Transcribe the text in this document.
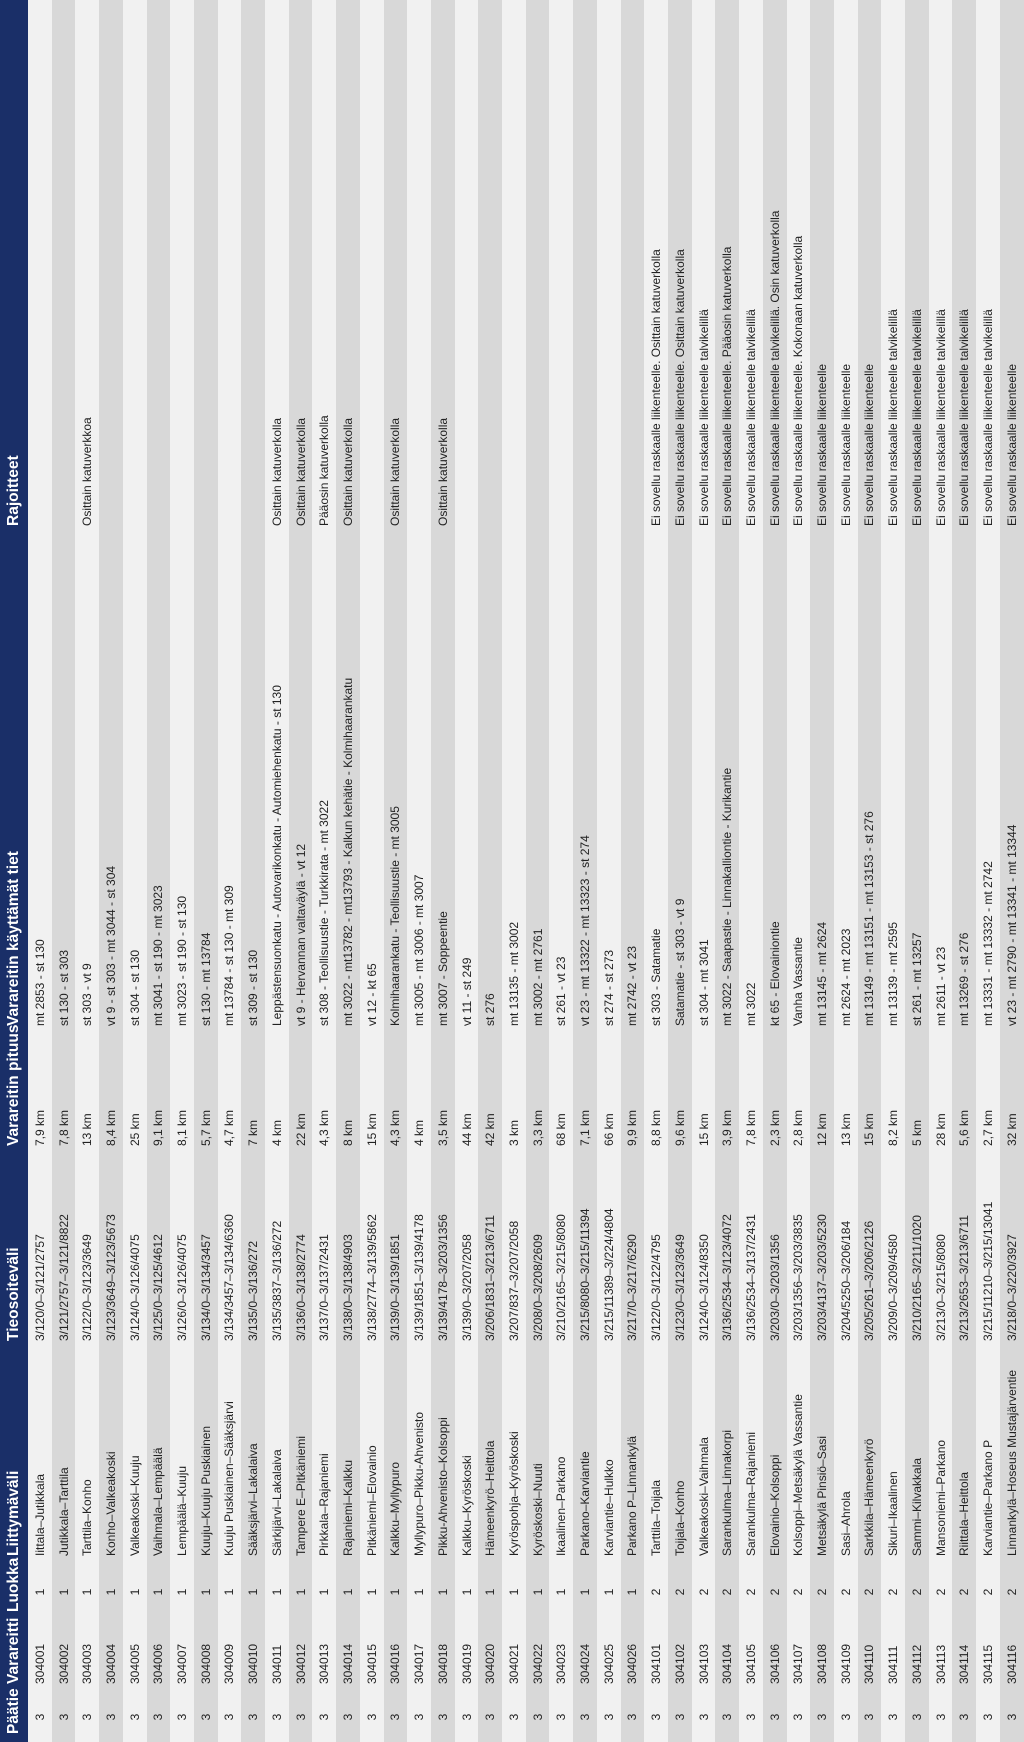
Päätie	Varareitti	Luokka	Liittymäväli	Tieosoiteväli	Varareitin pituus	Varareitin käyttämät tiet	Rajoitteet
3	304001	1	Iittala–Jutikkala	3/120/0–3/121/2757	7,9 km	mt 2853 - st 130	
3	304002	1	Jutikkala–Tarttila	3/121/2757–3/121/8822	7,8 km	st 130 - st 303	
3	304003	1	Tarttila–Konho	3/122/0–3/123/3649	13 km	st 303 - vt 9	Osittain katuverkkoa
3	304004	1	Konho–Valkeakoski	3/123/3649–3/123/5673	8,4 km	vt 9 - st 303 - mt 3044 - st 304	
3	304005	1	Valkeakoski–Kuuju	3/124/0–3/126/4075	25 km	st 304 - st 130	
3	304006	1	Vaihmala–Lempäälä	3/125/0–3/125/4612	9,1 km	mt 3041 - st 190 - mt 3023	
3	304007	1	Lempäälä–Kuuju	3/126/0–3/126/4075	8,1 km	mt 3023 - st 190 - st 130	
3	304008	1	Kuuju–Kuuju Puskiainen	3/134/0–3/134/3457	5,7 km	st 130 - mt 13784	
3	304009	1	Kuuju Puskiainen–Sääksjärvi	3/134/3457–3/134/6360	4,7 km	mt 13784 - st 130 - mt 309	
3	304010	1	Sääksjärvi–Lakalaiva	3/135/0–3/136/272	7 km	st 309 - st 130	
3	304011	1	Särkijärvi–Lakalaiva	3/135/3837–3/136/272	4 km	Leppästensuonkatu - Autovarikonkatu - Automiehenkatu - st 130	Osittain katuverkolla
3	304012	1	Tampere E–Pitkäniemi	3/136/0–3/138/2774	22 km	vt 9 - Hervannan valtaväylä - vt 12	Osittain katuverkolla
3	304013	1	Pirkkala–Rajaniemi	3/137/0–3/137/2431	4,3 km	st 308 - Teollisuustie - Turkkirata - mt 3022	Pääosin katuverkolla
3	304014	1	Rajaniemi–Kalkku	3/138/0–3/138/4903	8 km	mt 3022 - mt13782 - mt13793 - Kalkun kehätie - Kolmihaarankatu	Osittain katuverkolla
3	304015	1	Pitkäniemi–Elovainio	3/138/2774–3/139/5862	15 km	vt 12 - kt 65	
3	304016	1	Kalkku–Myllypuro	3/139/0–3/139/1851	4,3 km	Kolmihaarankatu - Teollisuustie - mt 3005	Osittain katuverkolla
3	304017	1	Myllypuro–Pikku-Ahvenisto	3/139/1851–3/139/4178	4 km	mt 3005 - mt 3006 - mt 3007	
3	304018	1	Pikku-Ahvenisto–Kolsoppi	3/139/4178–3/203/1356	3,5 km	mt 3007 - Soppeentie	Osittain katuverkolla
3	304019	1	Kalkku–Kyröskoski	3/139/0–3/207/2058	44 km	vt 11 - st 249	
3	304020	1	Hämeenkyrö–Heittola	3/206/1831–3/213/6711	42 km	st 276	
3	304021	1	Kyröspohja–Kyröskoski	3/207/837–3/207/2058	3 km	mt 13135 - mt 3002	
3	304022	1	Kyröskoski–Nuuti	3/208/0–3/208/2609	3,3 km	mt 3002 - mt 2761	
3	304023	1	Ikaalinen–Parkano	3/210/2165–3/215/8080	68 km	st 261 - vt 23	
3	304024	1	Parkano–Karviantie	3/215/8080–3/215/11394	7,1 km	vt 23 - mt 13322 - mt 13323 - st 274	
3	304025	1	Karviantie–Hulkko	3/215/11389–3/224/4804	66 km	st 274 - st 273	
3	304026	1	Parkano P–Linnankylä	3/217/0–3/217/6290	9,9 km	mt 2742 - vt 23	
3	304101	2	Tarttila–Toijala	3/122/0–3/122/4795	8,8 km	st 303 - Satamatie	Ei sovellu raskaalle liikenteelle. Osittain katuverkolla
3	304102	2	Toijala–Konho	3/123/0–3/123/3649	9,6 km	Satamatie - st 303 - vt 9	Ei sovellu raskaalle liikenteelle. Osittain katuverkolla
3	304103	2	Valkeakoski–Vaihmala	3/124/0–3/124/8350	15 km	st 304 - mt 3041	Ei sovellu raskaalle liikenteelle talvikelillä
3	304104	2	Sarankulma–Linnakorpi	3/136/2534–3/123/4072	3,9 km	mt 3022 - Saapastie - Linnakalliontie - Kurikantie	Ei sovellu raskaalle liikenteelle. Pääosin katuverkolla
3	304105	2	Sarankulma–Rajaniemi	3/136/2534–3/137/2431	7,8 km	mt 3022	Ei sovellu raskaalle liikenteelle talvikelillä
3	304106	2	Elovainio–Kolsoppi	3/203/0–3/203/1356	2,3 km	kt 65 - Elovainiontie	Ei sovellu raskaalle liikenteelle talvikelillä. Osin katuverkolla
3	304107	2	Kolsoppi–Metsäkylä Vassantie	3/203/1356–3/203/3835	2,8 km	Vanha Vassantie	Ei sovellu raskaalle liikenteelle. Kokonaan katuverkolla
3	304108	2	Metsäkylä Pinsiö–Sasi	3/203/4137–3/203/5230	12 km	mt 13145 - mt 2624	Ei sovellu raskaalle liikenteelle
3	304109	2	Sasi–Ahrola	3/204/5250–3/206/184	13 km	mt 2624 - mt 2023	Ei sovellu raskaalle liikenteelle
3	304110	2	Sarkkila–Hämeenkyrö	3/205/261–3/206/2126	15 km	mt 13149 - mt 13151 - mt 13153 - st 276	Ei sovellu raskaalle liikenteelle
3	304111	2	Sikuri–Ikaalinen	3/209/0–3/209/4580	8,2 km	mt 13139 - mt 2595	Ei sovellu raskaalle liikenteelle talvikelillä
3	304112	2	Sammi–Kilvakkala	3/210/2165–3/211/1020	5 km	st 261 - mt 13257	Ei sovellu raskaalle liikenteelle talvikelillä
3	304113	2	Mansoniemi–Parkano	3/213/0–3/215/8080	28 km	mt 2611 - vt 23	Ei sovellu raskaalle liikenteelle talvikelillä
3	304114	2	Riittala–Heittola	3/213/2653–3/213/6711	5,6 km	mt 13269 - st 276	Ei sovellu raskaalle liikenteelle talvikelillä
3	304115	2	Karviantie–Parkano P	3/215/11210–3/215/13041	2,7 km	mt 13331 - mt 13332 - mt 2742	Ei sovellu raskaalle liikenteelle talvikelillä
3	304116	2	Linnankylä–Hoseus Mustajärventie	3/218/0–3/220/3927	32 km	vt 23 - mt 2790 - mt 13341 - mt 13344	Ei sovellu raskaalle liikenteelle
